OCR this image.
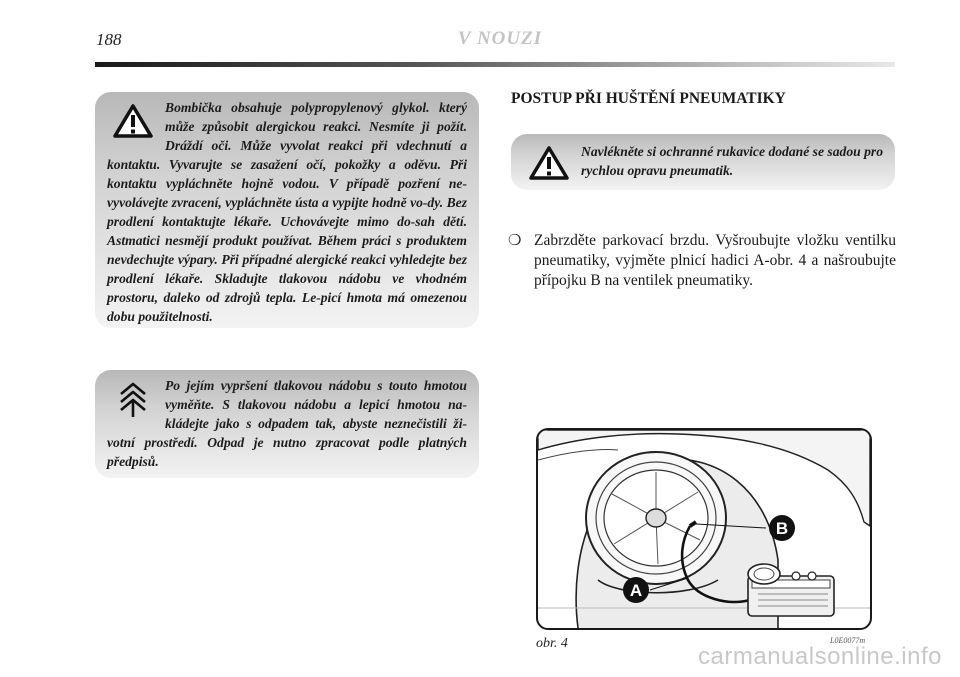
188	V NOUZI
Bombička obsahuje polypropylenový glykol. který může způsobit alergickou reakci. Nesmíte ji požít. Dráždí oči. Může vyvolat reakci při vdechnutí a kontaktu. Vyvarujte se zasažení očí, pokožky a oděvu. Při kontaktu vypláchněte hojně vodou. V případě pozření ne-vyvolávejte zvracení, vypláchněte ústa a vypijte hodně vo-dy. Bez prodlení kontaktujte lékaře. Uchovávejte mimo do-sah dětí. Astmatici nesmějí produkt používat. Během práci s produktem nevdechujte výpary. Při případné alergické reakci vyhledejte bez prodlení lékaře. Skladujte tlakovou nádobu ve vhodném prostoru, daleko od zdrojů tepla. Le-picí hmota má omezenou dobu použitelnosti.
Po jejím vypršení tlakovou nádobu s touto hmotou vyměňte. S tlakovou nádobu a lepicí hmotou na-kládejte jako s odpadem tak, abyste neznečistili ži-votní prostředí. Odpad je nutno zpracovat podle platných předpisů.
POSTUP PŘI HUŠTĚNÍ PNEUMATIKY
Navlékněte si ochranné rukavice dodané se sadou pro rychlou opravu pneumatik.
❍ Zabrzděte parkovací brzdu. Vyšroubujte vložku ventilku pneumatiky, vyjměte plnicí hadici A-obr. 4 a našroubujte přípojku B na ventilek pneumatiky.
B
A
obr. 4	L0E0077m
carmanualsonline.info
